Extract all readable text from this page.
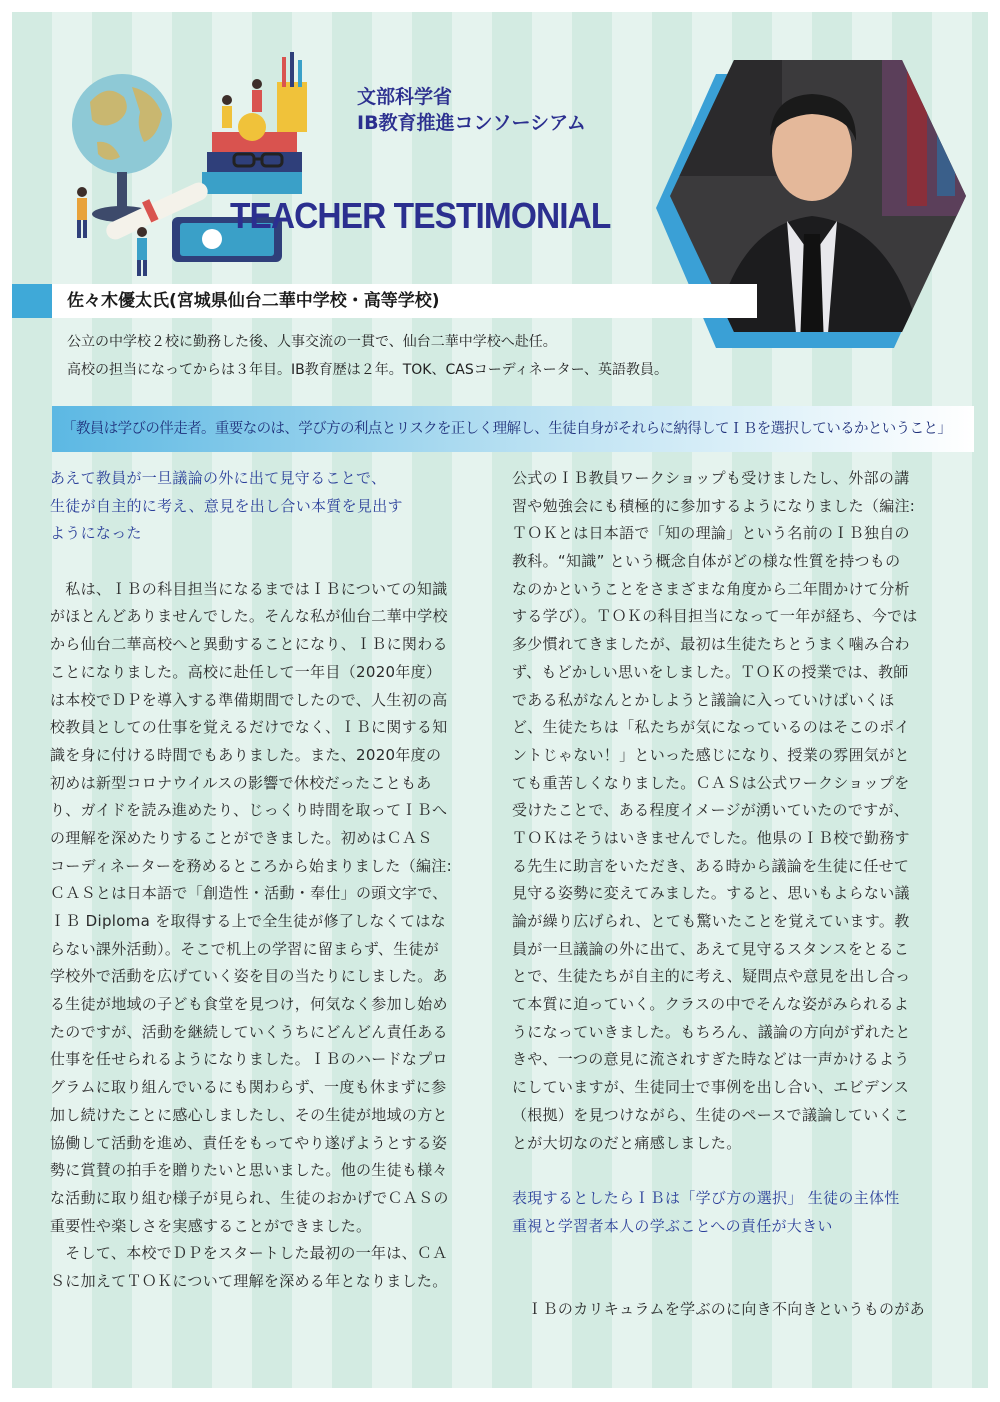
文部科学省
IB教育推進コンソーシアム
TEACHER TESTIMONIAL
佐々木優太氏(宮城県仙台二華中学校・高等学校)
公立の中学校２校に勤務した後、人事交流の一貫で、仙台二華中学校へ赴任。
高校の担当になってからは３年目。IB教育歴は２年。TOK、CASコーディネーター、英語教員。
「教員は学びの伴走者。重要なのは、学び方の利点とリスクを正しく理解し、生徒自身がそれらに納得してＩＢを選択しているかということ」
あえて教員が一旦議論の外に出て見守ることで、
生徒が自主的に考え、意見を出し合い本質を見出す
ようになった
　私は、ＩＢの科目担当になるまではＩＢについての知識
がほとんどありませんでした。そんな私が仙台二華中学校
から仙台二華高校へと異動することになり、ＩＢに関わる
ことになりました。高校に赴任して一年目（2020年度）
は本校でＤＰを導入する準備期間でしたので、人生初の高
校教員としての仕事を覚えるだけでなく、ＩＢに関する知
識を身に付ける時間でもありました。また、2020年度の
初めは新型コロナウイルスの影響で休校だったこともあ
り、ガイドを読み進めたり、じっくり時間を取ってＩＢへ
の理解を深めたりすることができました。初めはＣＡＳ
コーディネーターを務めるところから始まりました（編注:
ＣＡＳとは日本語で「創造性・活動・奉仕」の頭文字で、
ＩＢ Diploma を取得する上で全生徒が修了しなくてはな
らない課外活動）。そこで机上の学習に留まらず、生徒が
学校外で活動を広げていく姿を目の当たりにしました。あ
る生徒が地域の子ども食堂を見つけ，何気なく参加し始め
たのですが、活動を継続していくうちにどんどん責任ある
仕事を任せられるようになりました。ＩＢのハードなプロ
グラムに取り組んでいるにも関わらず、一度も休まずに参
加し続けたことに感心しましたし、その生徒が地域の方と
協働して活動を進め、責任をもってやり遂げようとする姿
勢に賞賛の拍手を贈りたいと思いました。他の生徒も様々
な活動に取り組む様子が見られ、生徒のおかげでＣＡＳの
重要性や楽しさを実感することができました。
　そして、本校でＤＰをスタートした最初の一年は、ＣＡ
Ｓに加えてＴＯＫについて理解を深める年となりました。
公式のＩＢ教員ワークショップも受けましたし、外部の講
習や勉強会にも積極的に参加するようになりました（編注:
ＴＯＫとは日本語で「知の理論」という名前のＩＢ独自の
教科。“知識” という概念自体がどの様な性質を持つもの
なのかということをさまざまな角度から二年間かけて分析
する学び）。ＴＯＫの科目担当になって一年が経ち、今では
多少慣れてきましたが、最初は生徒たちとうまく噛み合わ
ず、もどかしい思いをしました。ＴＯＫの授業では、教師
である私がなんとかしようと議論に入っていけばいくほ
ど、生徒たちは「私たちが気になっているのはそこのポイ
ントじゃない！」といった感じになり、授業の雰囲気がと
ても重苦しくなりました。ＣＡＳは公式ワークショップを
受けたことで、ある程度イメージが湧いていたのですが、
ＴＯＫはそうはいきませんでした。他県のＩＢ校で勤務す
る先生に助言をいただき、ある時から議論を生徒に任せて
見守る姿勢に変えてみました。すると、思いもよらない議
論が繰り広げられ、とても驚いたことを覚えています。教
員が一旦議論の外に出て、あえて見守るスタンスをとるこ
とで、生徒たちが自主的に考え、疑問点や意見を出し合っ
て本質に迫っていく。クラスの中でそんな姿がみられるよ
うになっていきました。もちろん、議論の方向がずれたと
きや、一つの意見に流されすぎた時などは一声かけるよう
にしていますが、生徒同士で事例を出し合い、エビデンス
（根拠）を見つけながら、生徒のペースで議論していくこ
とが大切なのだと痛感しました。
表現するとしたらＩＢは「学び方の選択」 生徒の主体性
重視と学習者本人の学ぶことへの責任が大きい
　ＩＢのカリキュラムを学ぶのに向き不向きというものがあ
